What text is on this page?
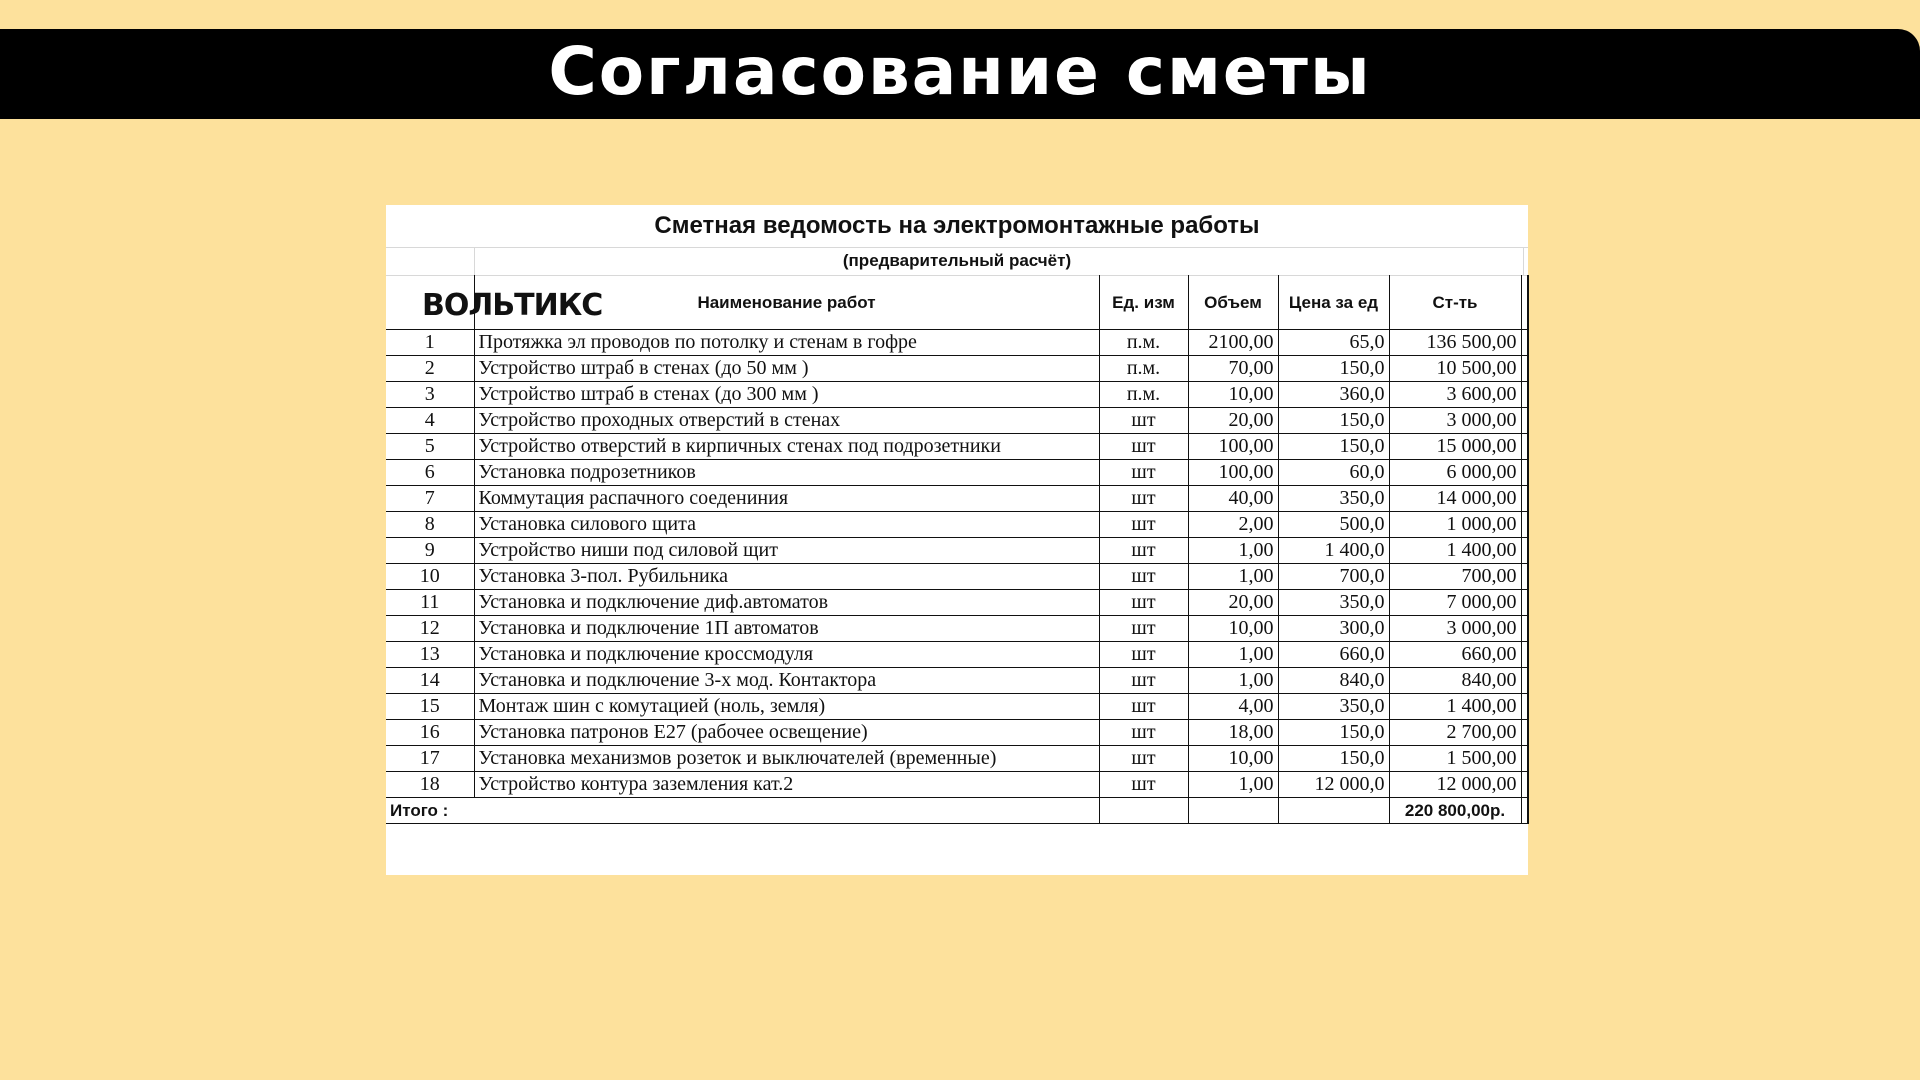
Согласование сметы
Сметная ведомость на электромонтажные работы
(предварительный расчёт)
ВОЛЬТИКС	Наименование работ	Ед. изм	Объем	Цена за ед	Ст-ть	
1	Протяжка эл проводов по потолку и стенам в гофре	п.м.	2100,00	65,0	136 500,00	
2	Устройство штраб в стенах (до 50 мм )	п.м.	70,00	150,0	10 500,00	
3	Устройство штраб в стенах (до 300 мм )	п.м.	10,00	360,0	3 600,00	
4	Устройство проходных отверстий в стенах	шт	20,00	150,0	3 000,00	
5	Устройство отверстий в кирпичных стенах под подрозетники	шт	100,00	150,0	15 000,00	
6	Установка подрозетников	шт	100,00	60,0	6 000,00	
7	Коммутация распачного соедениния	шт	40,00	350,0	14 000,00	
8	Установка силового щита	шт	2,00	500,0	1 000,00	
9	Устройство ниши под силовой щит	шт	1,00	1 400,0	1 400,00	
10	Установка 3-пол. Рубильника	шт	1,00	700,0	700,00	
11	Установка и подключение диф.автоматов	шт	20,00	350,0	7 000,00	
12	Установка и подключение 1П автоматов	шт	10,00	300,0	3 000,00	
13	Установка и подключение кроссмодуля	шт	1,00	660,0	660,00	
14	Установка и подключение 3-х мод. Контактора	шт	1,00	840,0	840,00	
15	Монтаж шин с комутацией (ноль, земля)	шт	4,00	350,0	1 400,00	
16	Установка патронов Е27 (рабочее освещение)	шт	18,00	150,0	2 700,00	
17	Установка механизмов розеток и выключателей (временные)	шт	10,00	150,0	1 500,00	
18	Устройство контура заземления кат.2	шт	1,00	12 000,0	12 000,00	
Итого :					220 800,00р.	
